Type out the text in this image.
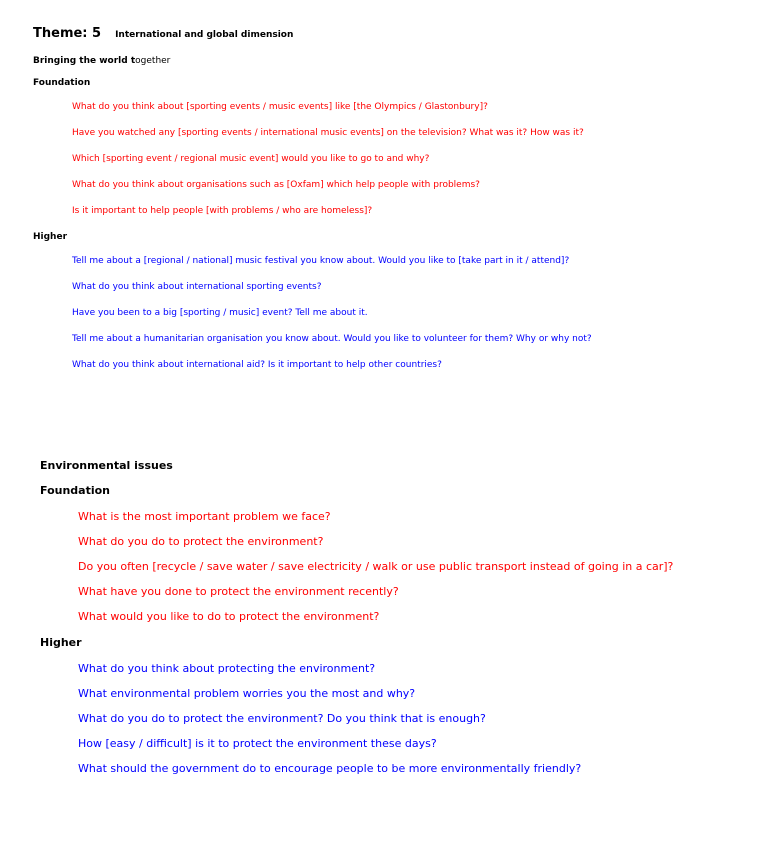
Theme: 5 International and global dimension

Bringing the world together

Foundation

What do you think about [sporting events / music events] like [the Olympics / Glastonbury]?
Have you watched any [sporting events / international music events] on the television? What was it? How was it?
Which [sporting event / regional music event] would you like to go to and why?
What do you think about organisations such as [Oxfam] which help people with problems?
Is it important to help people [with problems / who are homeless]?

Higher

Tell me about a [regional / national] music festival you know about. Would you like to [take part in it / attend]?
What do you think about international sporting events?
Have you been to a big [sporting / music] event? Tell me about it.
Tell me about a humanitarian organisation you know about. Would you like to volunteer for them? Why or why not?
What do you think about international aid? Is it important to help other countries?

Environmental issues

Foundation

What is the most important problem we face?
What do you do to protect the environment?
Do you often [recycle / save water / save electricity / walk or use public transport instead of going in a car]?
What have you done to protect the environment recently?
What would you like to do to protect the environment?

Higher

What do you think about protecting the environment?
What environmental problem worries you the most and why?
What do you do to protect the environment? Do you think that is enough?
How [easy / difficult] is it to protect the environment these days?
What should the government do to encourage people to be more environmentally friendly?
